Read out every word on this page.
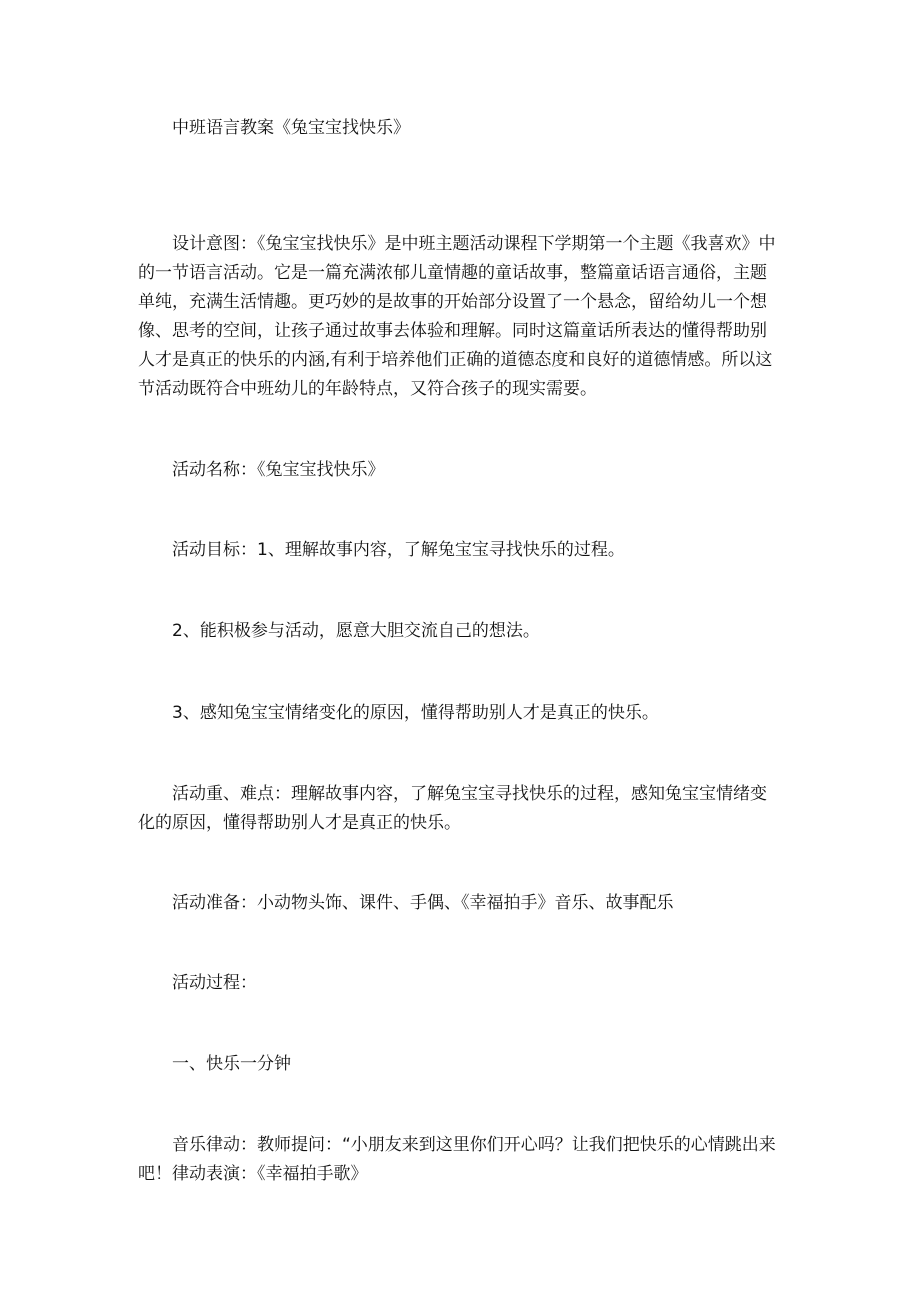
中班语言教案《兔宝宝找快乐》

设计意图：《兔宝宝找快乐》是中班主题活动课程下学期第一个主题《我喜欢》中的一节语言活动。它是一篇充满浓郁儿童情趣的童话故事，整篇童话语言通俗，主题单纯，充满生活情趣。更巧妙的是故事的开始部分设置了一个悬念，留给幼儿一个想像、思考的空间，让孩子通过故事去体验和理解。同时这篇童话所表达的懂得帮助别人才是真正的快乐的内涵,有利于培养他们正确的道德态度和良好的道德情感。所以这节活动既符合中班幼儿的年龄特点，又符合孩子的现实需要。

活动名称：《兔宝宝找快乐》

活动目标：1、理解故事内容，了解兔宝宝寻找快乐的过程。

2、能积极参与活动，愿意大胆交流自己的想法。

3、感知兔宝宝情绪变化的原因，懂得帮助别人才是真正的快乐。

活动重、难点：理解故事内容，了解兔宝宝寻找快乐的过程，感知兔宝宝情绪变化的原因，懂得帮助别人才是真正的快乐。

活动准备：小动物头饰、课件、手偶、《幸福拍手》音乐、故事配乐

活动过程：

一、快乐一分钟

音乐律动：教师提问：“小朋友来到这里你们开心吗？让我们把快乐的心情跳出来吧！律动表演：《幸福拍手歌》
